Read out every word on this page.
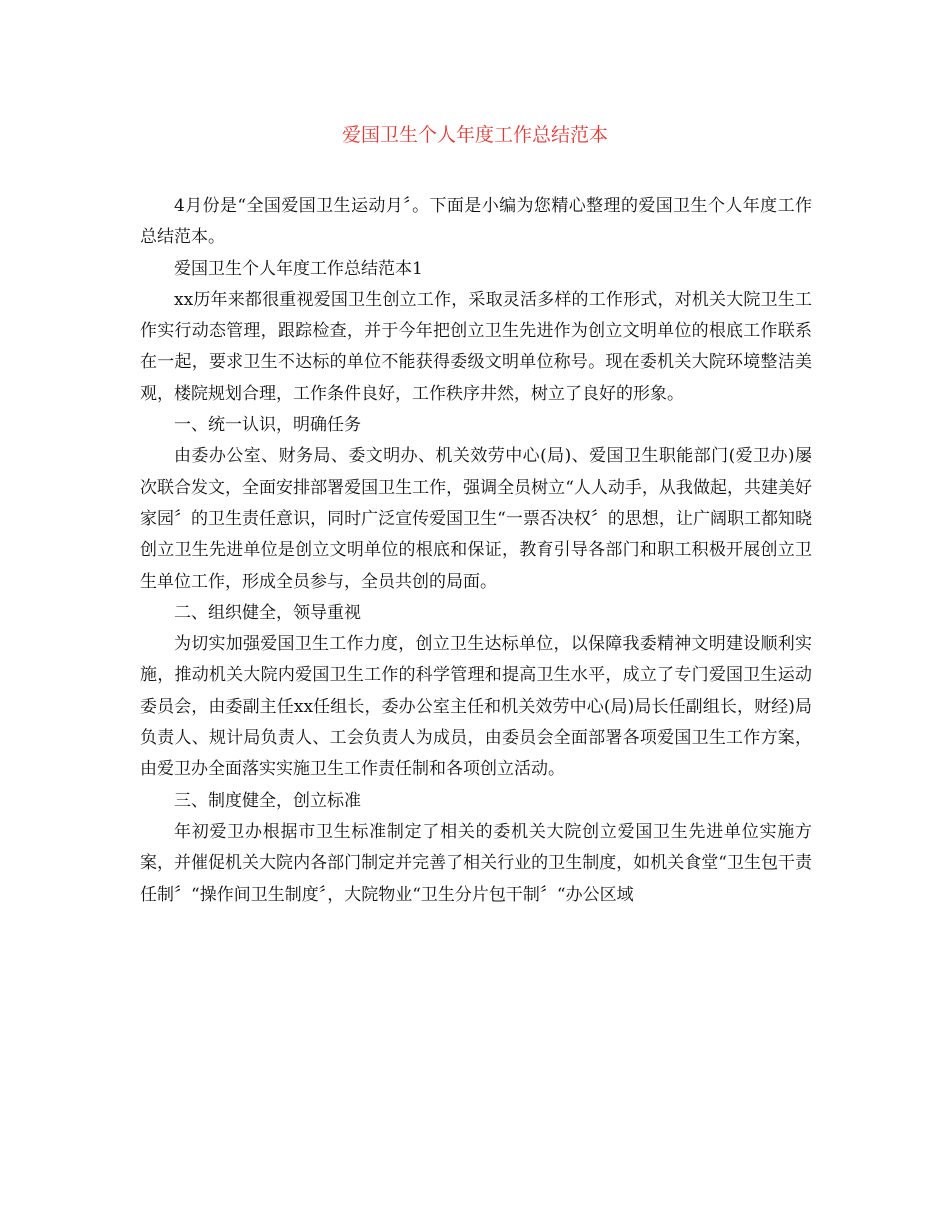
爱国卫生个人年度工作总结范本

4月份是“全国爱国卫生运动月〞。下面是小编为您精心整理的爱国卫生个人年度工作总结范本。

爱国卫生个人年度工作总结范本1

xx历年来都很重视爱国卫生创立工作，采取灵活多样的工作形式，对机关大院卫生工作实行动态管理，跟踪检查，并于今年把创立卫生先进作为创立文明单位的根底工作联系在一起，要求卫生不达标的单位不能获得委级文明单位称号。现在委机关大院环境整洁美观，楼院规划合理，工作条件良好，工作秩序井然，树立了良好的形象。

一、统一认识，明确任务

由委办公室、财务局、委文明办、机关效劳中心(局)、爱国卫生职能部门(爱卫办)屡次联合发文，全面安排部署爱国卫生工作，强调全员树立“人人动手，从我做起，共建美好家园〞的卫生责任意识，同时广泛宣传爱国卫生“一票否决权〞的思想，让广阔职工都知晓创立卫生先进单位是创立文明单位的根底和保证，教育引导各部门和职工积极开展创立卫生单位工作，形成全员参与，全员共创的局面。

二、组织健全，领导重视

为切实加强爱国卫生工作力度，创立卫生达标单位，以保障我委精神文明建设顺利实施，推动机关大院内爱国卫生工作的科学管理和提高卫生水平，成立了专门爱国卫生运动委员会，由委副主任xx任组长，委办公室主任和机关效劳中心(局)局长任副组长，财经)局负责人、规计局负责人、工会负责人为成员，由委员会全面部署各项爱国卫生工作方案，由爱卫办全面落实实施卫生工作责任制和各项创立活动。

三、制度健全，创立标准

年初爱卫办根据市卫生标准制定了相关的委机关大院创立爱国卫生先进单位实施方案，并催促机关大院内各部门制定并完善了相关行业的卫生制度，如机关食堂“卫生包干责任制〞“操作间卫生制度〞，大院物业“卫生分片包干制〞“办公区域
